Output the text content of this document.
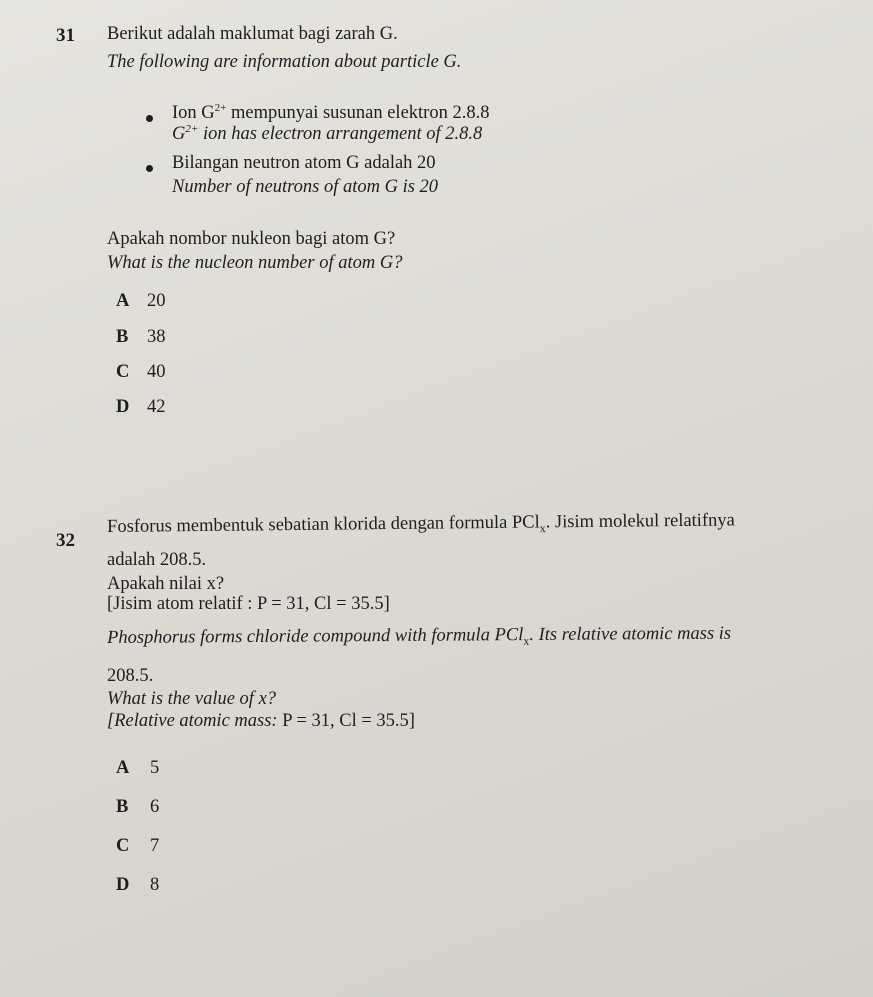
31 Berikut adalah maklumat bagi zarah G.
The following are information about particle G.
Ion $G^{2+}$ mempunyai susunan elektron 2.8.8
$G^{2+}$ ion has electron arrangement of 2.8.8
Bilangan neutron atom G adalah 20
Number of neutrons of atom G is 20
Apakah nombor nukleon bagi atom G?
What is the nucleon number of atom G?
A 20
B 38
C 40
D 42
32
Fosforus membentuk sebatian klorida dengan formula PCl$_x$. Jisim molekul relatifnya
adalah 208.5.
Apakah nilai x?
[Jisim atom relatif : P = 31, Cl = 35.5]
Phosphorus forms chloride compound with formula PCl$_x$. Its relative atomic mass is
208.5.
What is the value of x?
[Relative atomic mass: P = 31, Cl = 35.5]
A 5
B 6
C 7
D 8
